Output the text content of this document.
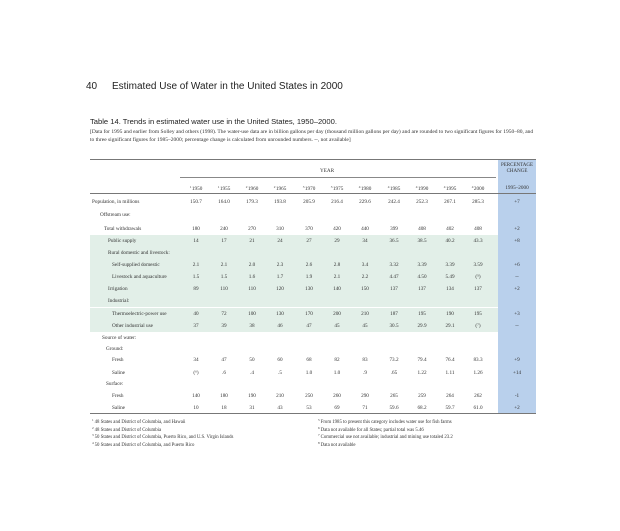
40 Estimated Use of Water in the United States in 2000
Table 14. Trends in estimated water use in the United States, 1950–2000.
[Data for 1995 and earlier from Solley and others (1998). The water-use data are in billion gallons per day (thousand million gallons per day) and are rounded to two significant figures for 1950–80, and to three significant figures for 1985–2000; percentage change is calculated from unrounded numbers. --, not available]
YEAR
PERCENTAGE CHANGE
$^1$1950	$^1$1955	$^2$1960	$^2$1965	$^3$1970	$^3$1975	$^4$1980	$^4$1985	$^4$1990	$^4$1995	$^4$2000	1995–2000
Population, in millions	150.7	164.0	179.3	193.8	205.9	216.4	229.6	242.4	252.3	267.1	285.3	+7
Offstream use:
Total withdrawals	180	240	270	310	370	420	440	399	408	402	408	+2
Public supply	14	17	21	24	27	29	34	36.5	38.5	40.2	43.3	+8
Rural domestic and livestock:
Self-supplied domestic	2.1	2.1	2.0	2.3	2.6	2.8	3.4	3.32	3.39	3.39	3.59	+6
Livestock and aquaculture	1.5	1.5	1.6	1.7	1.9	2.1	2.2	4.47	4.50	5.49	(⁵)	--
Irrigation	89	110	110	120	130	140	150	137	137	134	137	+2
Industrial:
Thermoelectric-power use	40	72	100	130	170	200	210	187	195	190	195	+3
Other industrial use	37	39	38	46	47	45	45	30.5	29.9	29.1	(⁷)	--
Source of water:
Ground:
Fresh	34	47	50	60	68	82	83	73.2	79.4	76.4	83.3	+9
Saline	(⁶)	.6	.4	.5	1.0	1.0	.9	.65	1.22	1.11	1.26	+14
Surface:
Fresh	140	180	190	210	250	260	290	265	259	264	262	-1
Saline	10	18	31	43	53	69	71	59.6	68.2	59.7	61.0	+2
$^1$48 States and District of Columbia, and Hawaii
$^2$48 States and District of Columbia
$^3$50 States and District of Columbia, Puerto Rico, and U.S. Virgin Islands
$^4$50 States and District of Columbia, and Puerto Rico
$^5$From 1985 to present this category includes water use for fish farms
$^6$Data not available for all States; partial total was 5.46
$^7$Commercial use not available; industrial and mining use totaled 23.2
$^8$Data not available
